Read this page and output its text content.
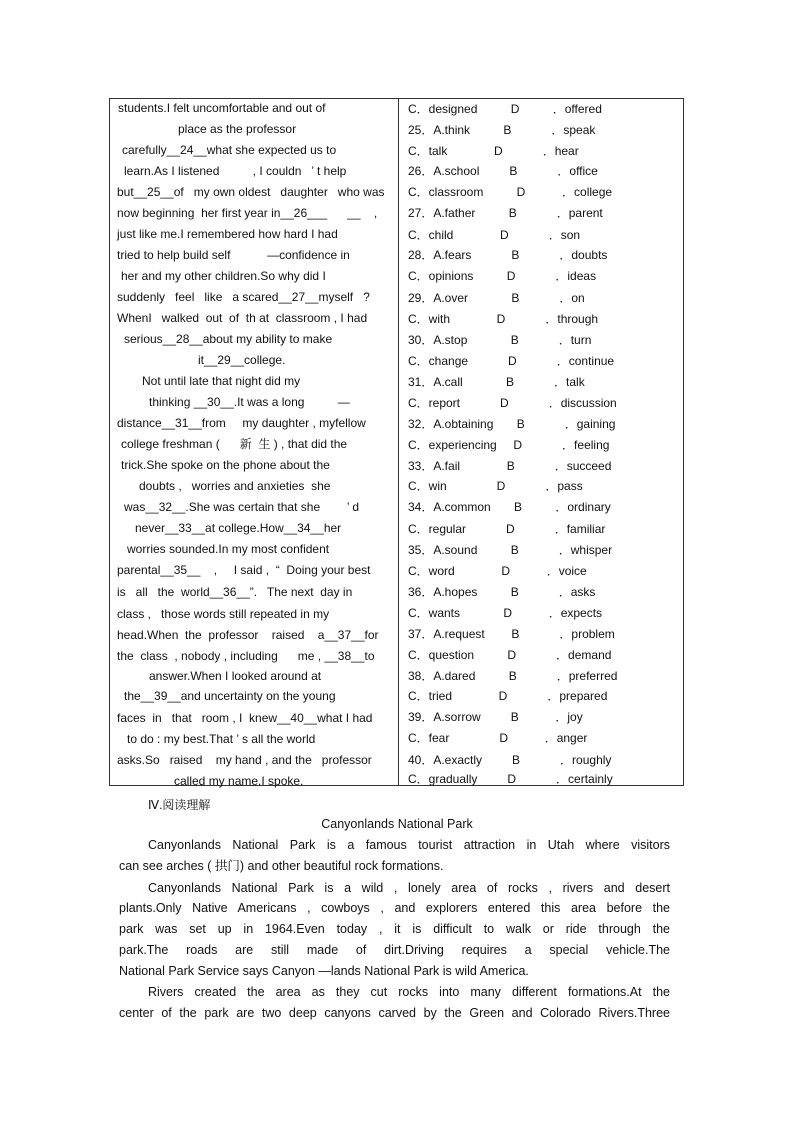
students.I felt uncomfortable and out of
place as the professor
carefully__24__what she expected us to
learn.As I listened          , I couldn   ’ t help
but__25__of   my own oldest   daughter   who was
now beginning  her first year in__26___      __    ,
just like me.I remembered how hard I had
tried to help build self           —confidence in
her and my other children.So why did I
suddenly   feel   like   a scared__27__myself   ?
WhenI   walked  out  of  th at  classroom , I had
serious__28__about my ability to make
it__29__college.
Not until late that night did my
thinking __30__.It was a long          —
distance__31__from     my daughter , myfellow
college freshman (      新  生 ) , that did the
trick.She spoke on the phone about the
doubts ,   worries and anxieties  she
was__32__.She was certain that she        ’ d
never__33__at college.How__34__her
worries sounded.In my most confident
parental__35__    ,     I said ,  “  Doing your best
is   all   the  world__36__”.   The next  day in
class ,   those words still repeated in my
head.When  the  professor    raised    a__37__for
the  class  , nobody , including      me , __38__to
answer.When I looked around at
the__39__and uncertainty on the young
faces  in   that   room , I  knew__40__what I had
to do : my best.That ’ s all the world
asks.So   raised    my hand , and the   professor
called my name.I spoke.
C．designed          D          ．offered
25．A.think          B            ．speak
C．talk              D            ．hear
26．A.school         B            ．office
C．classroom          D           ．college
27．A.father          B            ．parent
C．child              D            ．son
28．A.fears            B            ．doubts
C．opinions          D            ．ideas
29．A.over             B            ．on
C．with              D            ．through
30．A.stop             B            ．turn
C．change            D            ．continue
31．A.call             B            ．talk
C．report            D            ．discussion
32．A.obtaining       B            ．gaining
C．experiencing     D            ．feeling
33．A.fail              B            ．succeed
C．win               D            ．pass
34．A.common       B          ．ordinary
C．regular            D            ．familiar
35．A.sound          B            ．whisper
C．word              D           ．voice
36．A.hopes          B            ．asks
C．wants             D           ．expects
37．A.request        B            ．problem
C．question          D            ．demand
38．A.dared          B            ．preferred
C．tried              D            ．prepared
39．A.sorrow         B           ．joy
C．fear               D           ．anger
40．A.exactly         B            ．roughly
C．gradually         D            ．certainly
Ⅳ.阅读理解
Canyonlands National Park
Canyonlands National Park is a famous tourist attraction in Utah where visitors
can see arches ( 拱门) and other beautiful rock formations.
Canyonlands National Park is a wild , lonely area of rocks , rivers and desert
plants.Only Native Americans , cowboys , and explorers entered this area before the
park was set up in 1964.Even today , it is difficult to walk or ride through the
park.The roads are still made of dirt.Driving requires a special vehicle.The
National Park Service says Canyon —lands National Park is wild America.
Rivers created the area as they cut rocks into many different formations.At the
center of the park are two deep canyons carved by the Green and Colorado Rivers.Three
